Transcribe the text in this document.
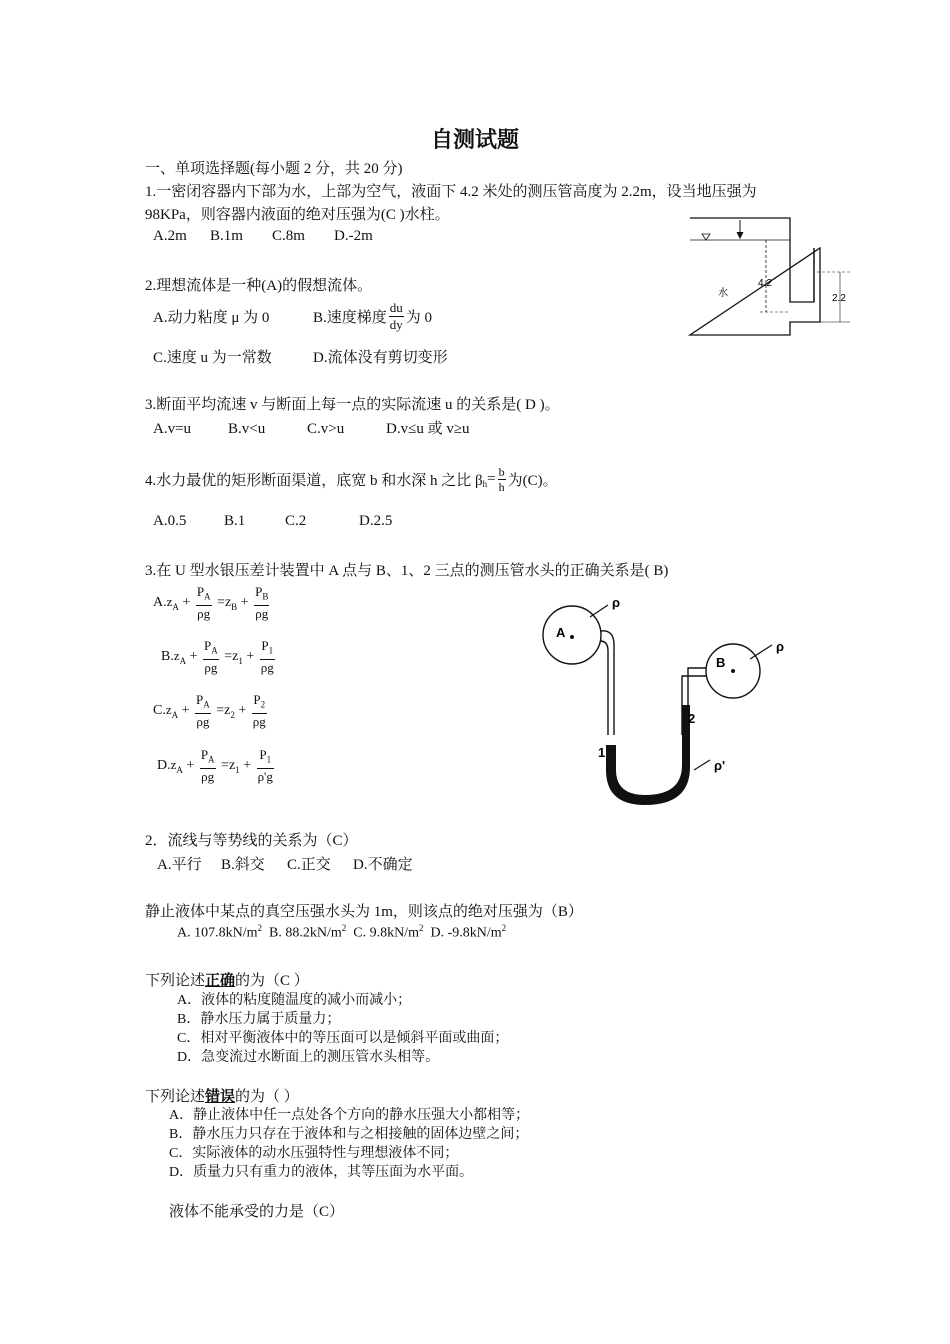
自测试题
一、单项选择题(每小题 2 分，共 20 分)
1.一密闭容器内下部为水，上部为空气，液面下 4.2 米处的测压管高度为 2.2m，设当地压强为
98KPa，则容器内液面的绝对压强为(C )水柱。
A.2m B.1m C.8m D.-2m
4.2
水	2.2
2.理想流体是一种(A)的假想流体。
A.动力粘度 μ 为 0	B.速度梯度 $\frac{du}{dy}$ 为 0
C.速度 u 为一常数	D.流体没有剪切变形
3.断面平均流速 v 与断面上每一点的实际流速 u 的关系是( D )。
A.v=u B.v<u	C.v>u	D.v≤u 或 v≥u
4.水力最优的矩形断面渠道，底宽 b 和水深 h 之比 $\beta_h= \frac{b}{h}$ 为(C)。
A.0.5	B.1	C.2	D.2.5
3.在 U 型水银压差计装置中 A 点与 B、1、2 三点的测压管水头的正确关系是( B)
$A.z_A + \frac{P_A}{\rho g} =z_B + \frac{P_B}{\rho g}$
$B.z_A + \frac{P_A}{\rho g} =z_1 + \frac{P_1}{\rho g}$
$C.z_A + \frac{P_A}{\rho g} =z_2 + \frac{P_2}{\rho g}$
$D.z_A + \frac{P_A}{\rho g} =z_1 + \frac{P_1}{\rho'g}$
A
B
ρ
ρ
ρ'
1
2
2．流线与等势线的关系为（C）
A.平行 B.斜交 C.正交 D.不确定
静止液体中某点的真空压强水头为 1m，则该点的绝对压强为（B）
A. $107.8kN/m^2$ B. $88.2kN/m^2$ C. $9.8kN/m^2$ D. $-9.8kN/m^2$
下列论述正确的为（C ）
A．液体的粘度随温度的减小而减小；
B．静水压力属于质量力；
C．相对平衡液体中的等压面可以是倾斜平面或曲面；
D．急变流过水断面上的测压管水头相等。
下列论述错误的为（ ）
A．静止液体中任一点处各个方向的静水压强大小都相等；
B．静水压力只存在于液体和与之相接触的固体边壁之间；
C．实际液体的动水压强特性与理想液体不同；
D．质量力只有重力的液体，其等压面为水平面。
液体不能承受的力是（C）
